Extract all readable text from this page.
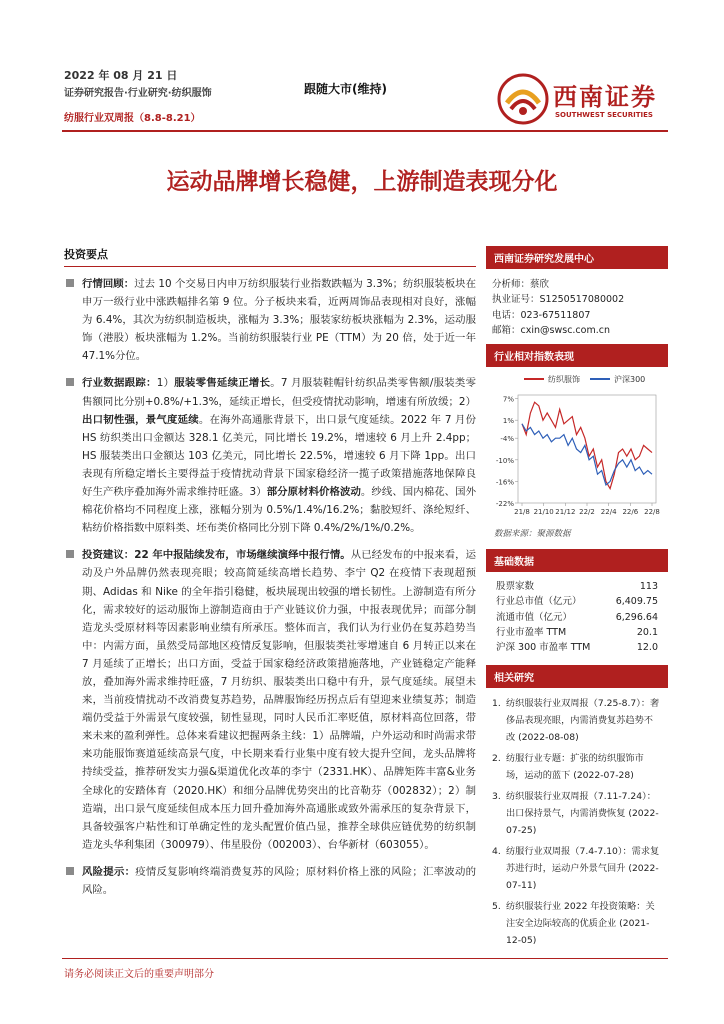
2022 年 08 月 21 日
证券研究报告·行业研究·纺织服饰	跟随大市(维持)
纺服行业双周报（8.8-8.21）
西南证券
SOUTHWEST SECURITIES
运动品牌增长稳健，上游制造表现分化
投资要点

行情回顾：过去 10 个交易日内申万纺织服装行业指数跌幅为 3.3%；纺织服装板块在申万一级行业中涨跌幅排名第 9 位。分子板块来看，近两周饰品表现相对良好，涨幅为 6.4%，其次为纺织制造板块，涨幅为 3.3%；服装家纺板块涨幅为 2.3%，运动服饰（港股）板块涨幅为 1.2%。当前纺织服装行业 PE（TTM）为 20 倍，处于近一年 47.1%分位。

行业数据跟踪：1）服装零售延续正增长。7 月服装鞋帽针纺织品类零售额/服装类零售额同比分别+0.8%/+1.3%，延续正增长，但受疫情扰动影响，增速有所放缓；2）出口韧性强，景气度延续。在海外高通胀背景下，出口景气度延续。2022 年 7 月份 HS 纺织类出口金额达 328.1 亿美元，同比增长 19.2%，增速较 6 月上升 2.4pp；HS 服装类出口金额达 103 亿美元，同比增长 22.5%，增速较 6 月下降 1pp。出口表现有所稳定增长主要得益于疫情扰动背景下国家稳经济一揽子政策措施落地保障良好生产秩序叠加海外需求维持旺盛。3）部分原材料价格波动。纱线、国内棉花、国外棉花价格均不同程度上涨，涨幅分别为 0.5%/1.4%/16.2%；黏胶短纤、涤纶短纤、粘纺价格指数中原料类、坯布类价格同比分别下降 0.4%/2%/1%/0.2%。

投资建议：22 年中报陆续发布，市场继续演绎中报行情。从已经发布的中报来看，运动及户外品牌仍然表现亮眼；较高简延续高增长趋势、李宁 Q2 在疫情下表现超预期、Adidas 和 Nike 的全年指引稳健，板块展现出较强的增长韧性。上游制造有所分化，需求较好的运动服饰上游制造商由于产业链议价力强，中报表现优异；而部分制造龙头受原材料等因素影响业绩有所承压。整体而言，我们认为行业仍在复苏趋势当中：内需方面，虽然受局部地区疫情反复影响，但服装类社零增速自 6 月转正以来在 7 月延续了正增长；出口方面，受益于国家稳经济政策措施落地，产业链稳定产能释放，叠加海外需求维持旺盛，7 月纺织、服装类出口稳中有升，景气度延续。展望未来，当前疫情扰动不改消费复苏趋势，品牌服饰经历拐点后有望迎来业绩复苏；制造端仍受益于外需景气度较强，韧性显现，同时人民币汇率贬值，原材料高位回落，带来未来的盈利弹性。总体来看建议把握两条主线：1）品牌端，户外运动和时尚需求带来功能服饰赛道延续高景气度，中长期来看行业集中度有较大提升空间，龙头品牌将持续受益，推荐研发实力强&渠道优化改革的李宁（2331.HK）、品牌矩阵丰富&业务全球化的安踏体育（2020.HK）和细分品牌优势突出的比音勒芬（002832）；2）制造端，出口景气度延续但成本压力回升叠加海外高通胀或致外需承压的复杂背景下，具备较强客户粘性和订单确定性的龙头配置价值凸显，推荐全球供应链优势的纺织制造龙头华利集团（300979）、伟星股份（002003）、台华新材（603055）。

风险提示：疫情反复影响终端消费复苏的风险；原材料价格上涨的风险；汇率波动的风险。

西南证券研究发展中心
分析师：蔡欣
执业证号：S1250517080002
电话：023-67511807
邮箱：cxin@swsc.com.cn
行业相对指数表现
纺织服饰	沪深300
7%
1%
-4%
-10%
-16%
-22%
21/8 21/10 21/12 22/2 22/4 22/6 22/8
数据来源：聚源数据
基础数据
股票家数	113
行业总市值（亿元）	6,409.75
流通市值（亿元）	6,296.64
行业市盈率 TTM	20.1
沪深 300 市盈率 TTM	12.0
相关研究
1. 纺织服装行业双周报（7.25-8.7）：奢侈品表现亮眼，内需消费复苏趋势不改 (2022-08-08)
2. 纺服行业专题：扩张的纺织服饰市场，运动的蓝下 (2022-07-28)
3. 纺织服装行业双周报（7.11-7.24）：出口保持景气，内需消费恢复 (2022-07-25)
4. 纺服行业双周报（7.4-7.10）：需求复苏进行时，运动户外景气回升 (2022-07-11)
5. 纺织服装行业 2022 年投资策略：关注安全边际较高的优质企业 (2021-12-05)
请务必阅读正文后的重要声明部分
